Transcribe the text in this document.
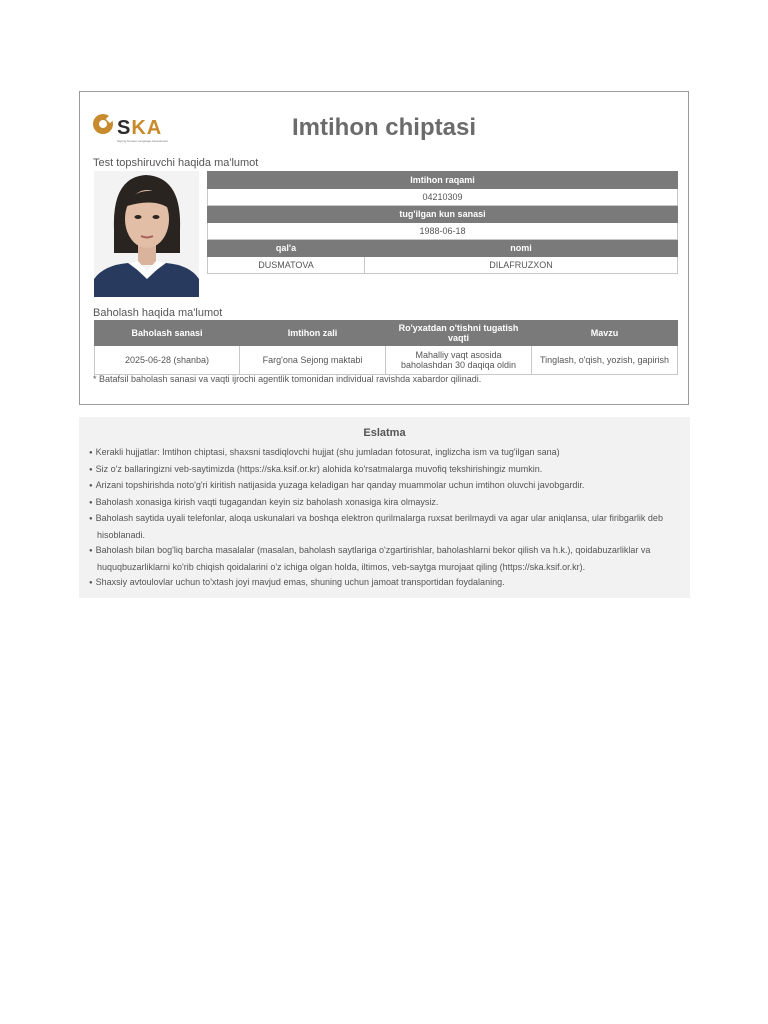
SKA
Sejong Korean Language Assessment	Imtihon chiptasi
Test topshiruvchi haqida ma'lumot
Imtihon raqami	
04210309	
tug'ilgan kun sanasi	
1988-06-18	
qal'a	nomi
DUSMATOVA	DILAFRUZXON
Baholash haqida ma'lumot
Baholash sanasi	Imtihon zali	Ro'yxatdan o'tishni tugatish vaqti	Mavzu
2025-06-28 (shanba)	Farg'ona Sejong maktabi	Mahalliy vaqt asosida baholashdan 30 daqiqa oldin	Tinglash, o'qish, yozish, gapirish
* Batafsil baholash sanasi va vaqti ijrochi agentlik tomonidan individual ravishda xabardor qilinadi.
Eslatma
● Kerakli hujjatlar: Imtihon chiptasi, shaxsni tasdiqlovchi hujjat (shu jumladan fotosurat, inglizcha ism va tug'ilgan sana)
● Siz o'z ballaringizni veb-saytimizda (https://ska.ksif.or.kr) alohida ko'rsatmalarga muvofiq tekshirishingiz mumkin.
● Arizani topshirishda noto'g'ri kiritish natijasida yuzaga keladigan har qanday muammolar uchun imtihon oluvchi javobgardir.
● Baholash xonasiga kirish vaqti tugagandan keyin siz baholash xonasiga kira olmaysiz.
● Baholash saytida uyali telefonlar, aloqa uskunalari va boshqa elektron qurilmalarga ruxsat berilmaydi va agar ular aniqlansa, ular firibgarlik deb hisoblanadi.
● Baholash bilan bog'liq barcha masalalar (masalan, baholash saytlariga o'zgartirishlar, baholashlarni bekor qilish va h.k.), qoidabuzarliklar va huquqbuzarliklarni ko'rib chiqish qoidalarini o'z ichiga olgan holda, iltimos, veb-saytga murojaat qiling (https://ska.ksif.or.kr).
● Shaxsiy avtoulovlar uchun to'xtash joyi mavjud emas, shuning uchun jamoat transportidan foydalaning.
